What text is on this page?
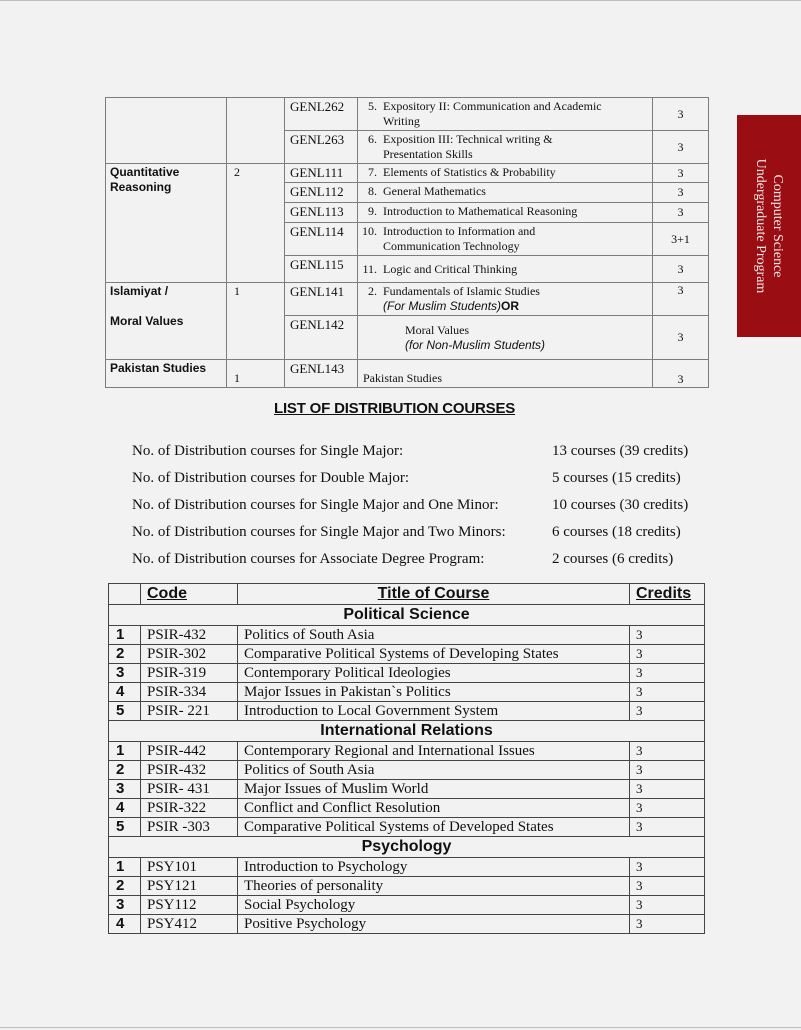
Computer Science
Undergraduate Program
		GENL262	5. Expository II: Communication and Academic
Writing	3
		GENL263	6. Exposition III: Technical writing &
Presentation Skills	3
Quantitative
Reasoning	2	GENL111	7. Elements of Statistics & Probability	3
		GENL112	8. General Mathematics	3
		GENL113	9. Introduction to Mathematical Reasoning	3
		GENL114	10. Introduction to Information and
Communication Technology	3+1
		GENL115	11. Logic and Critical Thinking	3
Islamiyat /

Moral Values	1	GENL141	2. Fundamentals of Islamic Studies
(For Muslim Students)OR	3
		GENL142	Moral Values
(for Non-Muslim Students)	3
Pakistan Studies	1	GENL143	Pakistan Studies	3
LIST OF DISTRIBUTION COURSES
No. of Distribution courses for Single Major:	13 courses (39 credits)
No. of Distribution courses for Double Major:	5 courses (15 credits)
No. of Distribution courses for Single Major and One Minor:	10 courses (30 credits)
No. of Distribution courses for Single Major and Two Minors:	6 courses (18 credits)
No. of Distribution courses for Associate Degree Program:	2 courses (6 credits)
	Code	Title of Course	Credits
Political Science			
1	PSIR-432	Politics of South Asia	3
2	PSIR-302	Comparative Political Systems of Developing States	3
3	PSIR-319	Contemporary Political Ideologies	3
4	PSIR-334	Major Issues in Pakistan`s Politics	3
5	PSIR- 221	Introduction to Local Government System	3
International Relations			
1	PSIR-442	Contemporary Regional and International Issues	3
2	PSIR-432	Politics of South Asia	3
3	PSIR- 431	Major Issues of Muslim World	3
4	PSIR-322	Conflict and Conflict Resolution	3
5	PSIR -303	Comparative Political Systems of Developed States	3
Psychology			
1	PSY101	Introduction to Psychology	3
2	PSY121	Theories of personality	3
3	PSY112	Social Psychology	3
4	PSY412	Positive Psychology	3
